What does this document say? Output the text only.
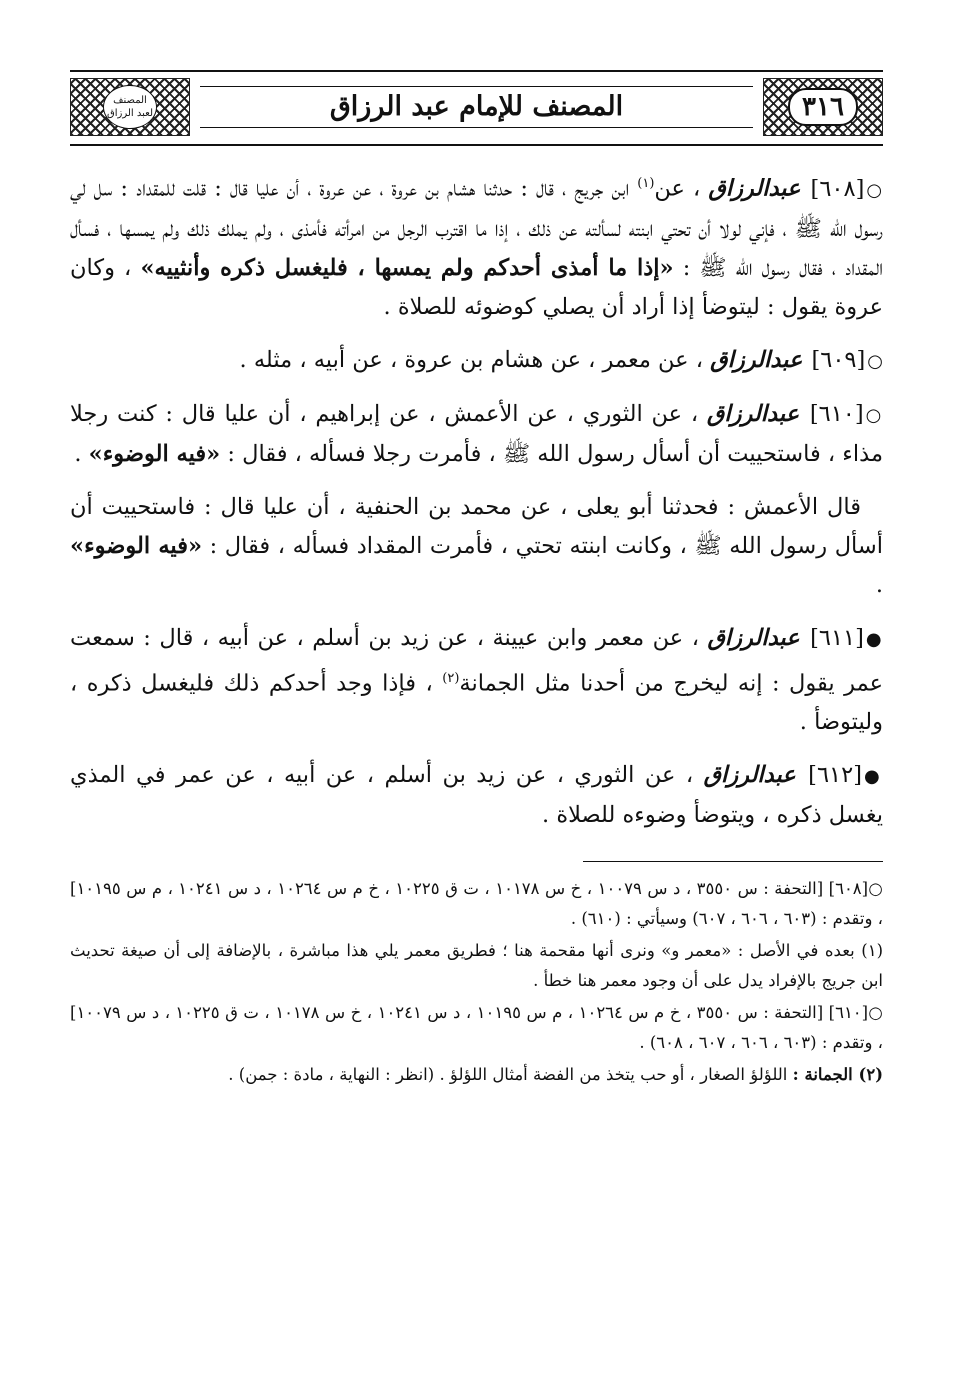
٣١٦
المصنف للإمام عبد الرزاق
المصنف لعبد الرزاق

○[٦٠٨] عبدالرزاق ، عن$^{(١)}$ ابن جريج ، قال : حدثنا هشام بن عروة ، عن عروة ، أن عليا قال : قلت للمقداد : سل لي رسول الله ﷺ ، فإني لولا أن تحتي ابنته لسألته عن ذلك ، إذا ما اقترب الرجل من امرأته فأمذى ، ولم يملك ذلك ولم يمسها ، فسأل المقداد ، فقال رسول الله ﷺ : «إذا ما أمذى أحدكم ولم يمسها ، فليغسل ذكره وأنثييه» ، وكان عروة يقول : ليتوضأ إذا أراد أن يصلي كوضوئه للصلاة .

○[٦٠٩] عبدالرزاق ، عن معمر ، عن هشام بن عروة ، عن أبيه ، مثله .

○[٦١٠] عبدالرزاق ، عن الثوري ، عن الأعمش ، عن إبراهيم ، أن عليا قال : كنت رجلا مذاء ، فاستحييت أن أسأل رسول الله ﷺ ، فأمرت رجلا فسأله ، فقال : «فيه الوضوء» .

قال الأعمش : فحدثنا أبو يعلى ، عن محمد بن الحنفية ، أن عليا قال : فاستحييت أن أسأل رسول الله ﷺ ، وكانت ابنته تحتي ، فأمرت المقداد فسأله ، فقال : «فيه الوضوء» .

●[٦١١] عبدالرزاق ، عن معمر وابن عيينة ، عن زيد بن أسلم ، عن أبيه ، قال : سمعت عمر يقول : إنه ليخرج من أحدنا مثل الجمانة$^{(٢)}$ ، فإذا وجد أحدكم ذلك فليغسل ذكره ، وليتوضأ .

●[٦١٢] عبدالرزاق ، عن الثوري ، عن زيد بن أسلم ، عن أبيه ، عن عمر في المذي يغسل ذكره ، ويتوضأ وضوءه للصلاة .

○[٦٠٨] [التحفة : س ٣٥٥٠ ، د س ١٠٠٧٩ ، خ س ١٠١٧٨ ، ت ق ١٠٢٢٥ ، خ م س ١٠٢٦٤ ، د س ١٠٢٤١ ، م س ١٠١٩٥] ، وتقدم : (٦٠٣ ، ٦٠٦ ، ٦٠٧) وسيأتي : (٦١٠) .

(١) بعده في الأصل : «معمر و» ونرى أنها مقحمة هنا ؛ فطريق معمر يلي هذا مباشرة ، بالإضافة إلى أن صيغة تحديث ابن جريج بالإفراد يدل على أن وجود معمر هنا خطأ .

○[٦١٠] [التحفة : س ٣٥٥٠ ، خ م س ١٠٢٦٤ ، م س ١٠١٩٥ ، د س ١٠٢٤١ ، خ س ١٠١٧٨ ، ت ق ١٠٢٢٥ ، د س ١٠٠٧٩] ، وتقدم : (٦٠٣ ، ٦٠٦ ، ٦٠٧ ، ٦٠٨) .

(٢) الجمانة : اللؤلؤ الصغار ، أو حب يتخذ من الفضة أمثال اللؤلؤ . (انظر : النهاية ، مادة : جمن) .
